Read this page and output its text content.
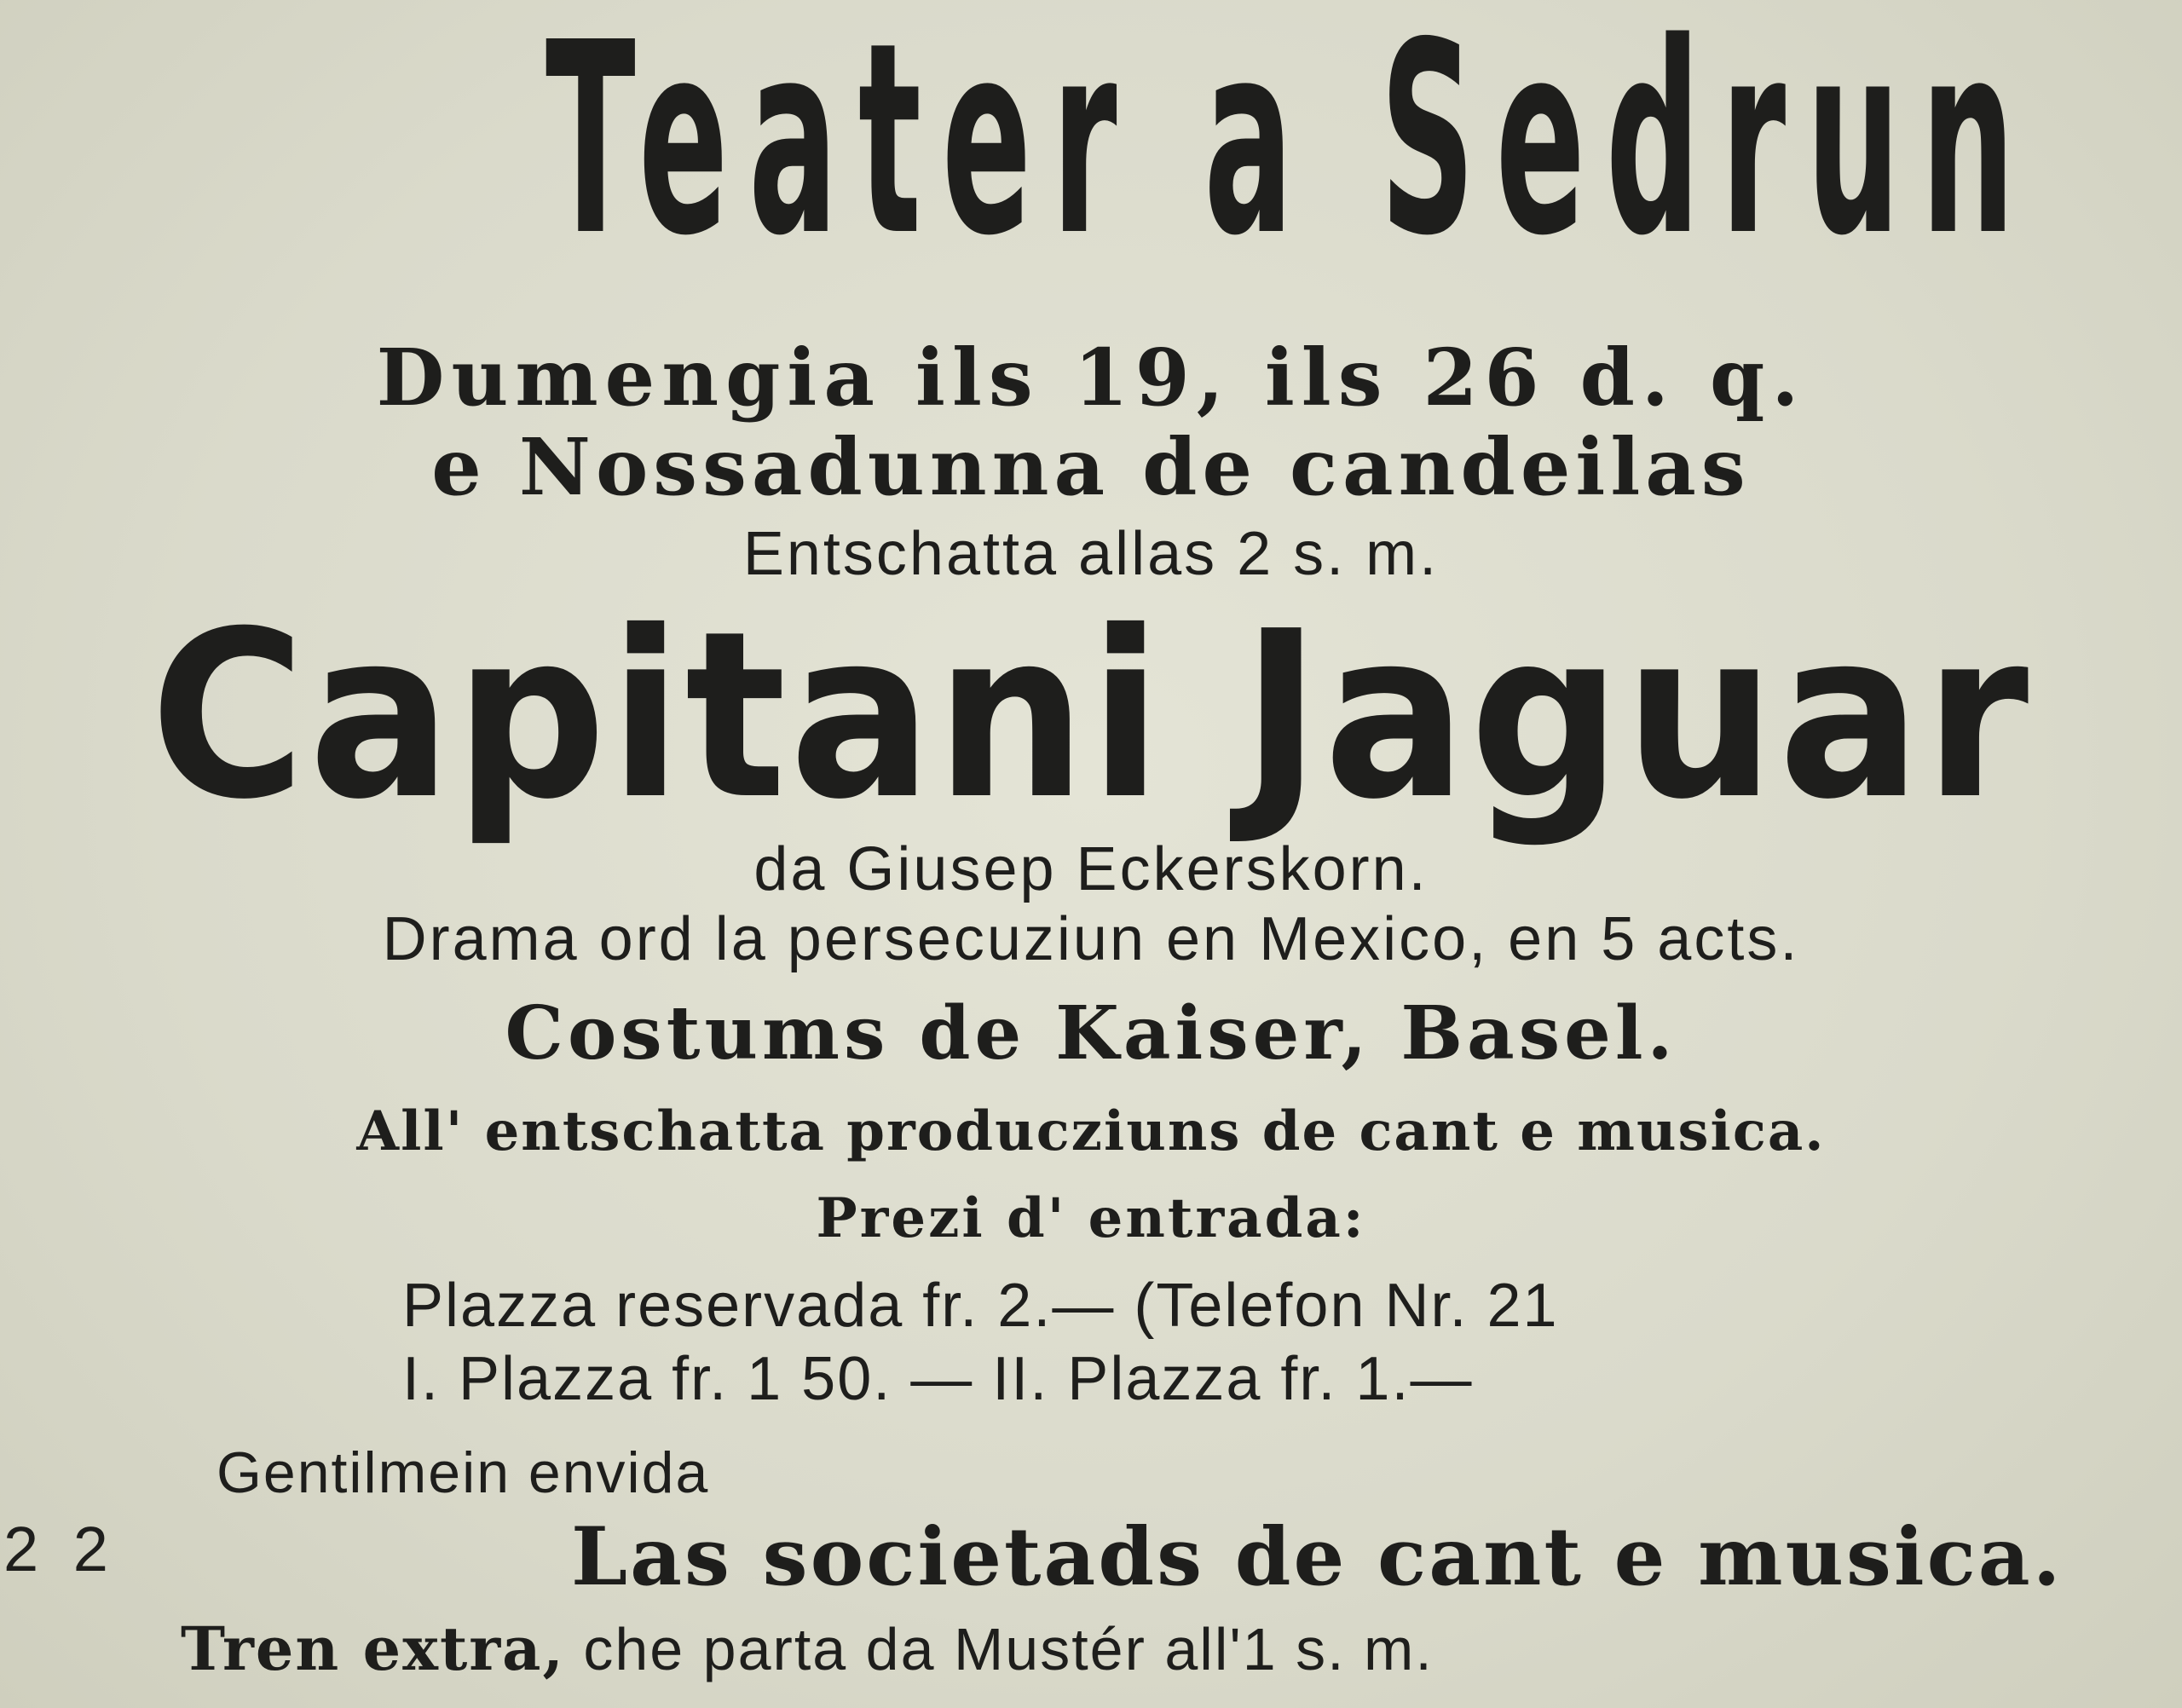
Teater a Sedrun
Dumengia ils 19, ils 26 d. q.
e Nossadunna de candeilas
Entschatta allas 2 s. m.
Capitani Jaguar
da Giusep Eckerskorn.
Drama ord la persecuziun en Mexico, en 5 acts.
Costums de Kaiser, Basel.
All' entschatta producziuns de cant e musica.
Prezi d' entrada:
Plazza reservada fr. 2.— (Telefon Nr. 21
I. Plazza fr. 1 50. — II. Plazza fr. 1.—
Gentilmein envida
2 2	Las societads de cant e musica.
Tren extra, che parta da Mustér all'1 s. m.
